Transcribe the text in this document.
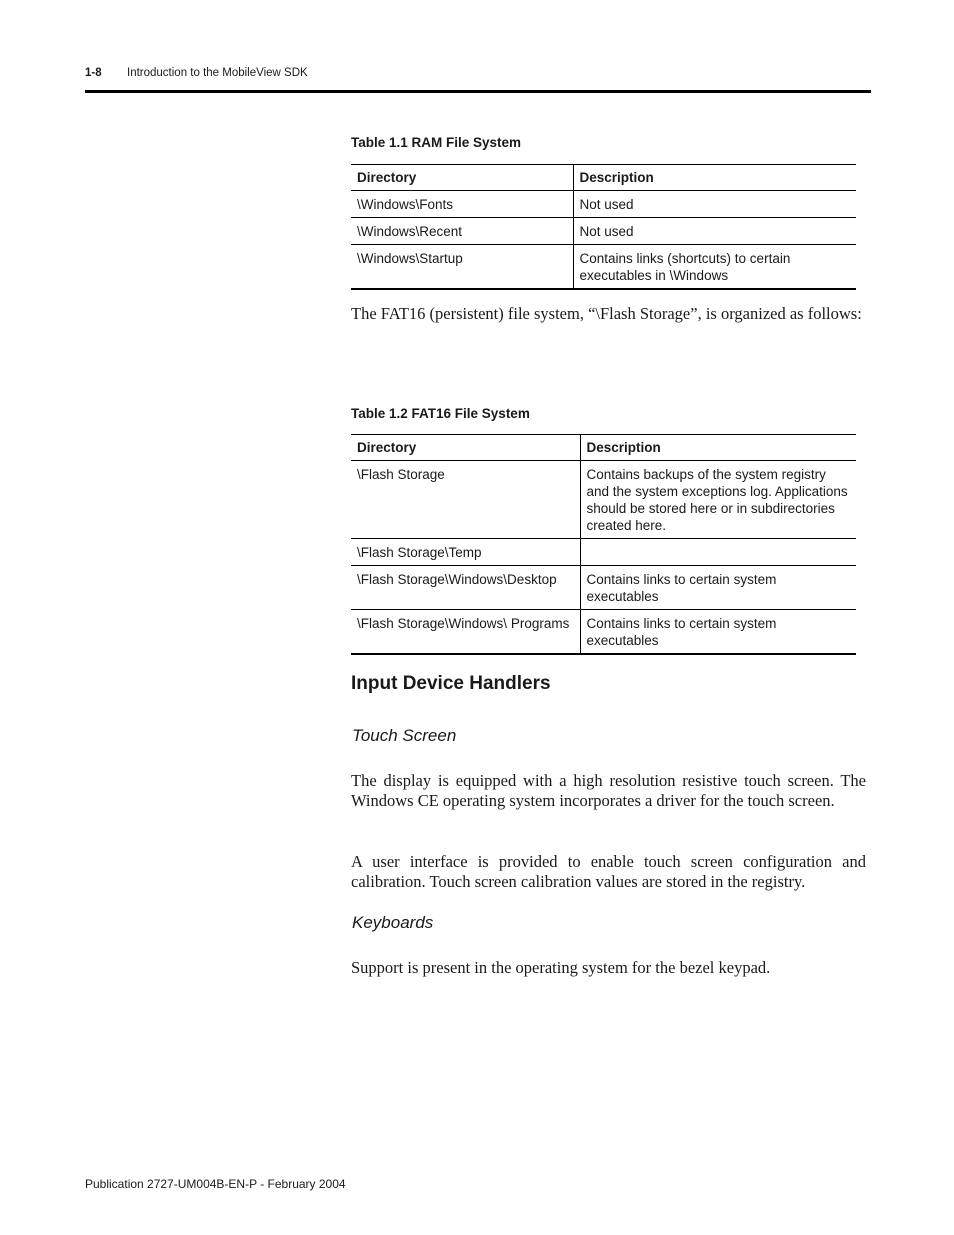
1-8 Introduction to the MobileView SDK
Table 1.1 RAM File System
Directory	Description
\Windows\Fonts	Not used
\Windows\Recent	Not used
\Windows\Startup	Contains links (shortcuts) to certain executables in \Windows
The FAT16 (persistent) file system, “\Flash Storage”, is organized as follows:
Table 1.2 FAT16 File System
Directory	Description
\Flash Storage	Contains backups of the system registry and the system exceptions log. Applications should be stored here or in subdirectories created here.
\Flash Storage\Temp	
\Flash Storage\Windows\Desktop	Contains links to certain system executables
\Flash Storage\Windows\ Programs	Contains links to certain system executables
Input Device Handlers
Touch Screen
The display is equipped with a high resolution resistive touch screen. The Windows CE operating system incorporates a driver for the touch screen.
A user interface is provided to enable touch screen configuration and calibration. Touch screen calibration values are stored in the registry.
Keyboards
Support is present in the operating system for the bezel keypad.
Publication 2727-UM004B-EN-P - February 2004
